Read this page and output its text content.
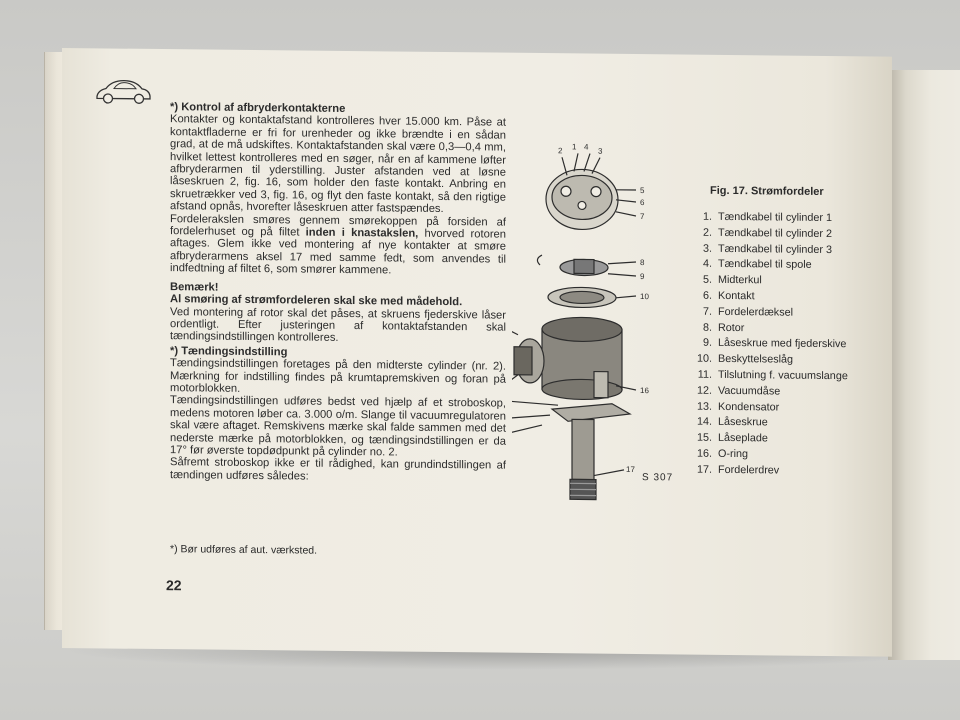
*) Kontrol af afbryderkontakterne

Kontakter og kontaktafstand kontrolleres hver 15.000 km. Påse at kontaktfladerne er fri for urenheder og ikke brændte i en sådan grad, at de må udskiftes. Kontaktafstanden skal være 0,3—0,4 mm, hvilket lettest kontrolleres med en søger, når en af kammene løfter afbryderarmen til yderstilling. Juster afstanden ved at løsne låseskruen 2, fig. 16, som holder den faste kontakt. Anbring en skruetrækker ved 3, fig. 16, og flyt den faste kontakt, så den rigtige afstand opnås, hvorefter låseskruen atter fastspændes.

Fordelerakslen smøres gennem smørekoppen på forsiden af fordelerhuset og på filtet inden i knastakslen, hvorved rotoren aftages. Glem ikke ved montering af nye kontakter at smøre afbryderarmens aksel 17 med samme fedt, som anvendes til indfedtning af filtet 6, som smører kammene.

Bemærk!

Al smøring af strømfordeleren skal ske med mådehold.

Ved montering af rotor skal det påses, at skruens fjederskive låser ordentligt. Efter justeringen af kontaktafstanden skal tændingsindstillingen kontrolleres.

*) Tændingsindstilling

Tændingsindstillingen foretages på den midterste cylinder (nr. 2). Mærkning for indstilling findes på krumtapremskiven og foran på motorblokken.

Tændingsindstillingen udføres bedst ved hjælp af et stroboskop, medens motoren løber ca. 3.000 o/m. Slange til vacuumregulatoren skal være aftaget. Remskivens mærke skal falde sammen med det nederste mærke på motorblokken, og tændingsindstillingen er da 17° før øverste topdødpunkt på cylinder no. 2.

Såfremt stroboskop ikke er til rådighed, kan grundindstillingen af tændingen udføres således:

*) Bør udføres af aut. værksted.
22
2 1 4 3
5
6
7
8
9
10
16
17
S 307
Fig. 17. Strømfordeler
1. Tændkabel til cylinder 1
2. Tændkabel til cylinder 2
3. Tændkabel til cylinder 3
4. Tændkabel til spole
5. Midterkul
6. Kontakt
7. Fordelerdæksel
8. Rotor
9. Låseskrue med fjederskive
10. Beskyttelseslåg
11. Tilslutning f. vacuumslange
12. Vacuumdåse
13. Kondensator
14. Låseskrue
15. Låseplade
16. O-ring
17. Fordelerdrev
